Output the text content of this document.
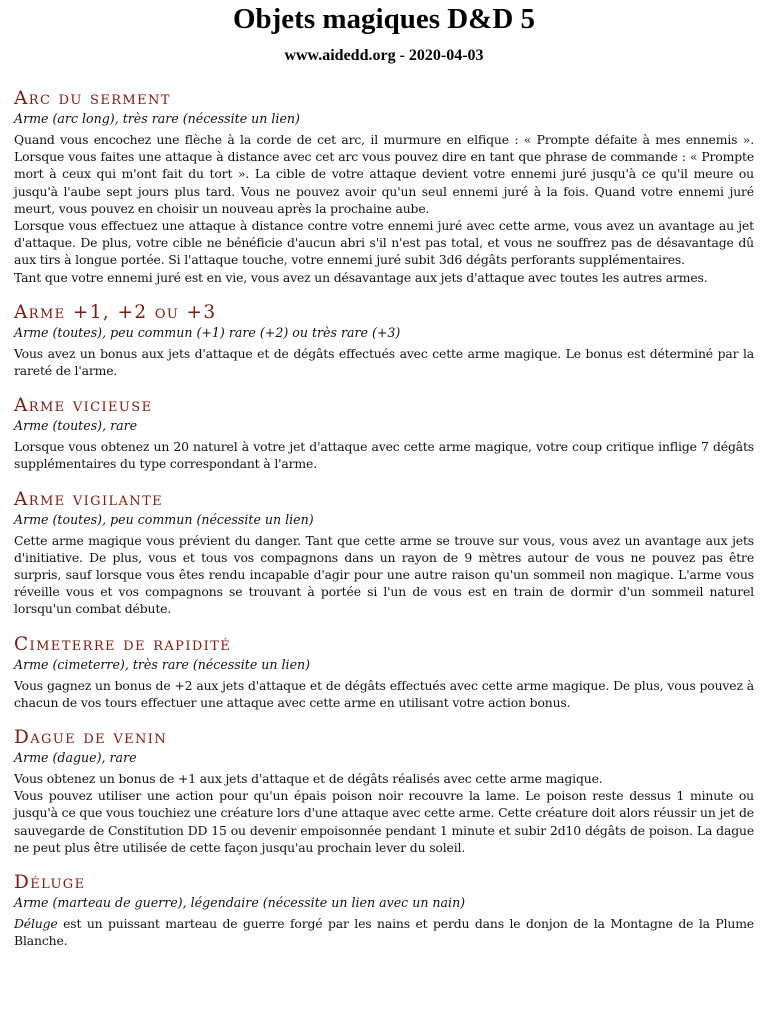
Objets magiques D&D 5
www.aidedd.org - 2020-04-03
Arc du serment
Arme (arc long), très rare (nécessite un lien)

Quand vous encochez une flèche à la corde de cet arc, il murmure en elfique : « Prompte défaite à mes ennemis ». Lorsque vous faites une attaque à distance avec cet arc vous pouvez dire en tant que phrase de commande : « Prompte mort à ceux qui m'ont fait du tort ». La cible de votre attaque devient votre ennemi juré jusqu'à ce qu'il meure ou jusqu'à l'aube sept jours plus tard. Vous ne pouvez avoir qu'un seul ennemi juré à la fois. Quand votre ennemi juré meurt, vous pouvez en choisir un nouveau après la prochaine aube.

Lorsque vous effectuez une attaque à distance contre votre ennemi juré avec cette arme, vous avez un avantage au jet d'attaque. De plus, votre cible ne bénéficie d'aucun abri s'il n'est pas total, et vous ne souffrez pas de désavantage dû aux tirs à longue portée. Si l'attaque touche, votre ennemi juré subit 3d6 dégâts perforants supplémentaires.

Tant que votre ennemi juré est en vie, vous avez un désavantage aux jets d'attaque avec toutes les autres armes.

Arme +1, +2 ou +3
Arme (toutes), peu commun (+1) rare (+2) ou très rare (+3)

Vous avez un bonus aux jets d'attaque et de dégâts effectués avec cette arme magique. Le bonus est déterminé par la rareté de l'arme.

Arme vicieuse
Arme (toutes), rare

Lorsque vous obtenez un 20 naturel à votre jet d'attaque avec cette arme magique, votre coup critique inflige 7 dégâts supplémentaires du type correspondant à l'arme.

Arme vigilante
Arme (toutes), peu commun (nécessite un lien)

Cette arme magique vous prévient du danger. Tant que cette arme se trouve sur vous, vous avez un avantage aux jets d'initiative. De plus, vous et tous vos compagnons dans un rayon de 9 mètres autour de vous ne pouvez pas être surpris, sauf lorsque vous êtes rendu incapable d'agir pour une autre raison qu'un sommeil non magique. L'arme vous réveille vous et vos compagnons se trouvant à portée si l'un de vous est en train de dormir d'un sommeil naturel lorsqu'un combat débute.

Cimeterre de rapidité
Arme (cimeterre), très rare (nécessite un lien)

Vous gagnez un bonus de +2 aux jets d'attaque et de dégâts effectués avec cette arme magique. De plus, vous pouvez à chacun de vos tours effectuer une attaque avec cette arme en utilisant votre action bonus.

Dague de venin
Arme (dague), rare

Vous obtenez un bonus de +1 aux jets d'attaque et de dégâts réalisés avec cette arme magique.

Vous pouvez utiliser une action pour qu'un épais poison noir recouvre la lame. Le poison reste dessus 1 minute ou jusqu'à ce que vous touchiez une créature lors d'une attaque avec cette arme. Cette créature doit alors réussir un jet de sauvegarde de Constitution DD 15 ou devenir empoisonnée pendant 1 minute et subir 2d10 dégâts de poison. La dague ne peut plus être utilisée de cette façon jusqu'au prochain lever du soleil.

Déluge
Arme (marteau de guerre), légendaire (nécessite un lien avec un nain)

Déluge est un puissant marteau de guerre forgé par les nains et perdu dans le donjon de la Montagne de la Plume Blanche.
